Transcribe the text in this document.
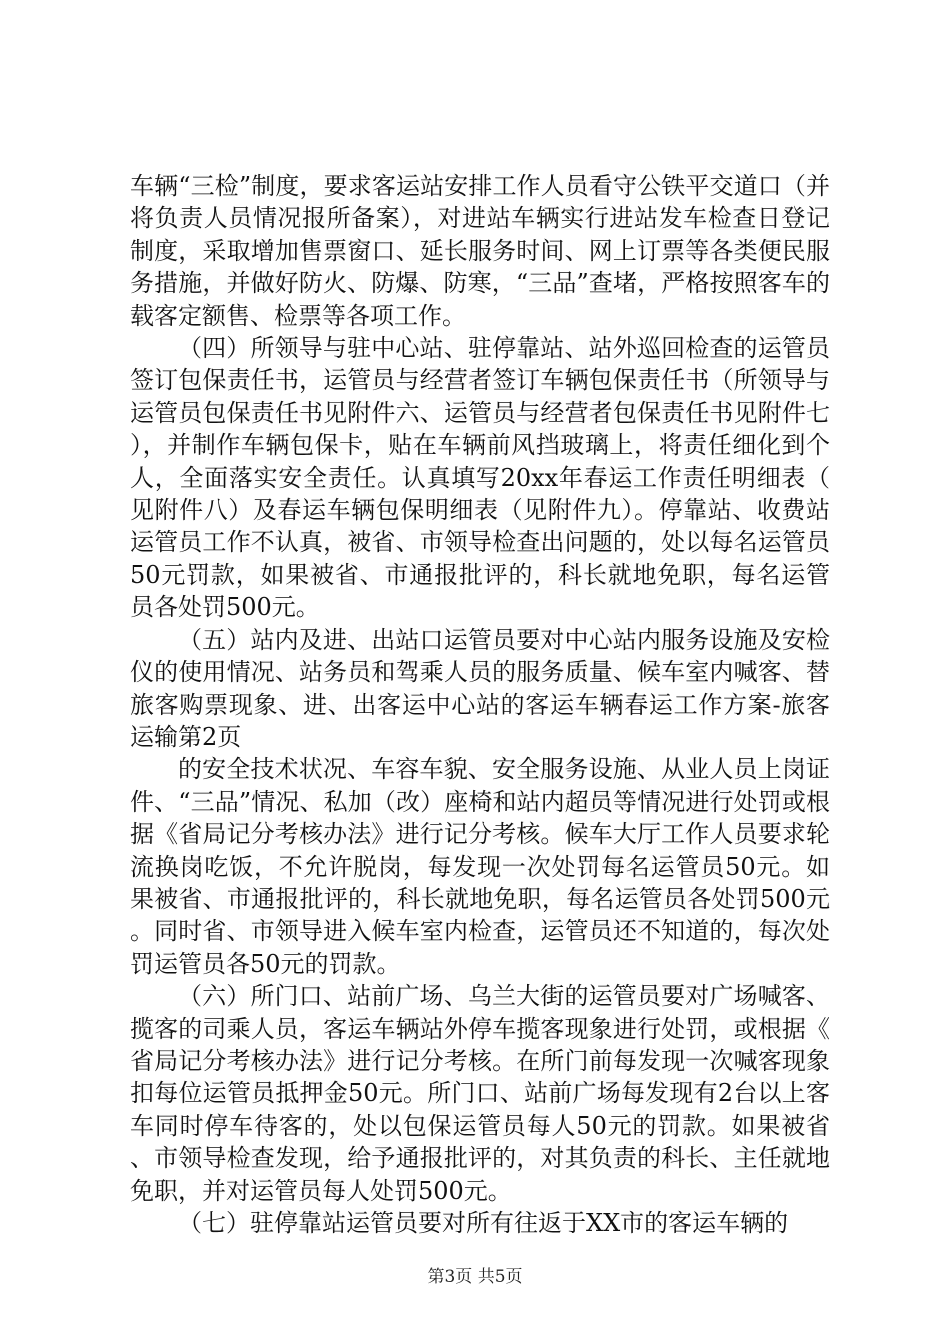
车辆“三检”制度，要求客运站安排工作人员看守公铁平交道口（并将负责人员情况报所备案），对进站车辆实行进站发车检查日登记制度，采取增加售票窗口、延长服务时间、网上订票等各类便民服务措施，并做好防火、防爆、防寒，“三品”查堵，严格按照客车的载客定额售、检票等各项工作。

（四）所领导与驻中心站、驻停靠站、站外巡回检查的运管员签订包保责任书，运管员与经营者签订车辆包保责任书（所领导与运管员包保责任书见附件六、运管员与经营者包保责任书见附件七），并制作车辆包保卡，贴在车辆前风挡玻璃上，将责任细化到个人，全面落实安全责任。认真填写20xx年春运工作责任明细表（见附件八）及春运车辆包保明细表（见附件九）。停靠站、收费站运管员工作不认真，被省、市领导检查出问题的，处以每名运管员50元罚款，如果被省、市通报批评的，科长就地免职，每名运管员各处罚500元。

（五）站内及进、出站口运管员要对中心站内服务设施及安检仪的使用情况、站务员和驾乘人员的服务质量、候车室内喊客、替旅客购票现象、进、出客运中心站的客运车辆春运工作方案-旅客运输第2页

的安全技术状况、车容车貌、安全服务设施、从业人员上岗证件、“三品”情况、私加（改）座椅和站内超员等情况进行处罚或根据《省局记分考核办法》进行记分考核。候车大厅工作人员要求轮流换岗吃饭，不允许脱岗，每发现一次处罚每名运管员50元。如果被省、市通报批评的，科长就地免职，每名运管员各处罚500元。同时省、市领导进入候车室内检查，运管员还不知道的，每次处罚运管员各50元的罚款。

（六）所门口、站前广场、乌兰大街的运管员要对广场喊客、揽客的司乘人员，客运车辆站外停车揽客现象进行处罚，或根据《省局记分考核办法》进行记分考核。在所门前每发现一次喊客现象扣每位运管员抵押金50元。所门口、站前广场每发现有2台以上客车同时停车待客的，处以包保运管员每人50元的罚款。如果被省、市领导检查发现，给予通报批评的，对其负责的科长、主任就地免职，并对运管员每人处罚500元。

（七）驻停靠站运管员要对所有往返于XX市的客运车辆的

第3页 共5页
